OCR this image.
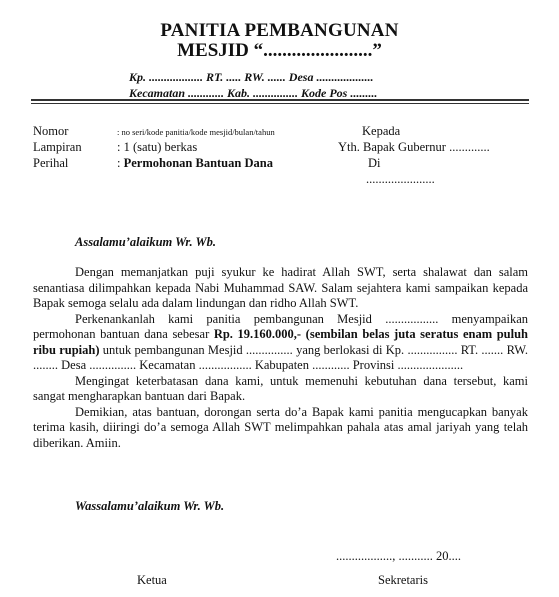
PANITIA PEMBANGUNAN
MESJID “.......................”
Kp. .................. RT. ..... RW. ...... Desa ...................
Kecamatan ............ Kab. ............... Kode Pos .........
Nomor	: no seri/kode panitia/kode mesjid/bulan/tahun
Lampiran	: 1 (satu) berkas
Perihal	: Permohonan Bantuan Dana
Kepada
Yth. Bapak Gubernur .............
Di
......................
Assalamu’alaikum Wr. Wb.

Dengan memanjatkan puji syukur ke hadirat Allah SWT, serta shalawat dan salam senantiasa dilimpahkan kepada Nabi Muhammad SAW. Salam sejahtera kami sampaikan kepada Bapak semoga selalu ada dalam lindungan dan ridho Allah SWT.

Perkenankanlah kami panitia pembangunan Mesjid ................. menyampaikan permohonan bantuan dana sebesar Rp. 19.160.000,- (sembilan belas juta seratus enam puluh ribu rupiah) untuk pembangunan Mesjid ............... yang berlokasi di Kp. ................ RT. ....... RW. ........ Desa ............... Kecamatan ................. Kabupaten ............ Provinsi .....................

Mengingat keterbatasan dana kami, untuk memenuhi kebutuhan dana tersebut, kami sangat mengharapkan bantuan dari Bapak.

Demikian, atas bantuan, dorongan serta do’a Bapak kami panitia mengucapkan banyak terima kasih, diiringi do’a semoga Allah SWT melimpahkan pahala atas amal jariyah yang telah diberikan. Amiin.

Wassalamu’alaikum Wr. Wb.
.................., ........... 20....
Ketua	Sekretaris
